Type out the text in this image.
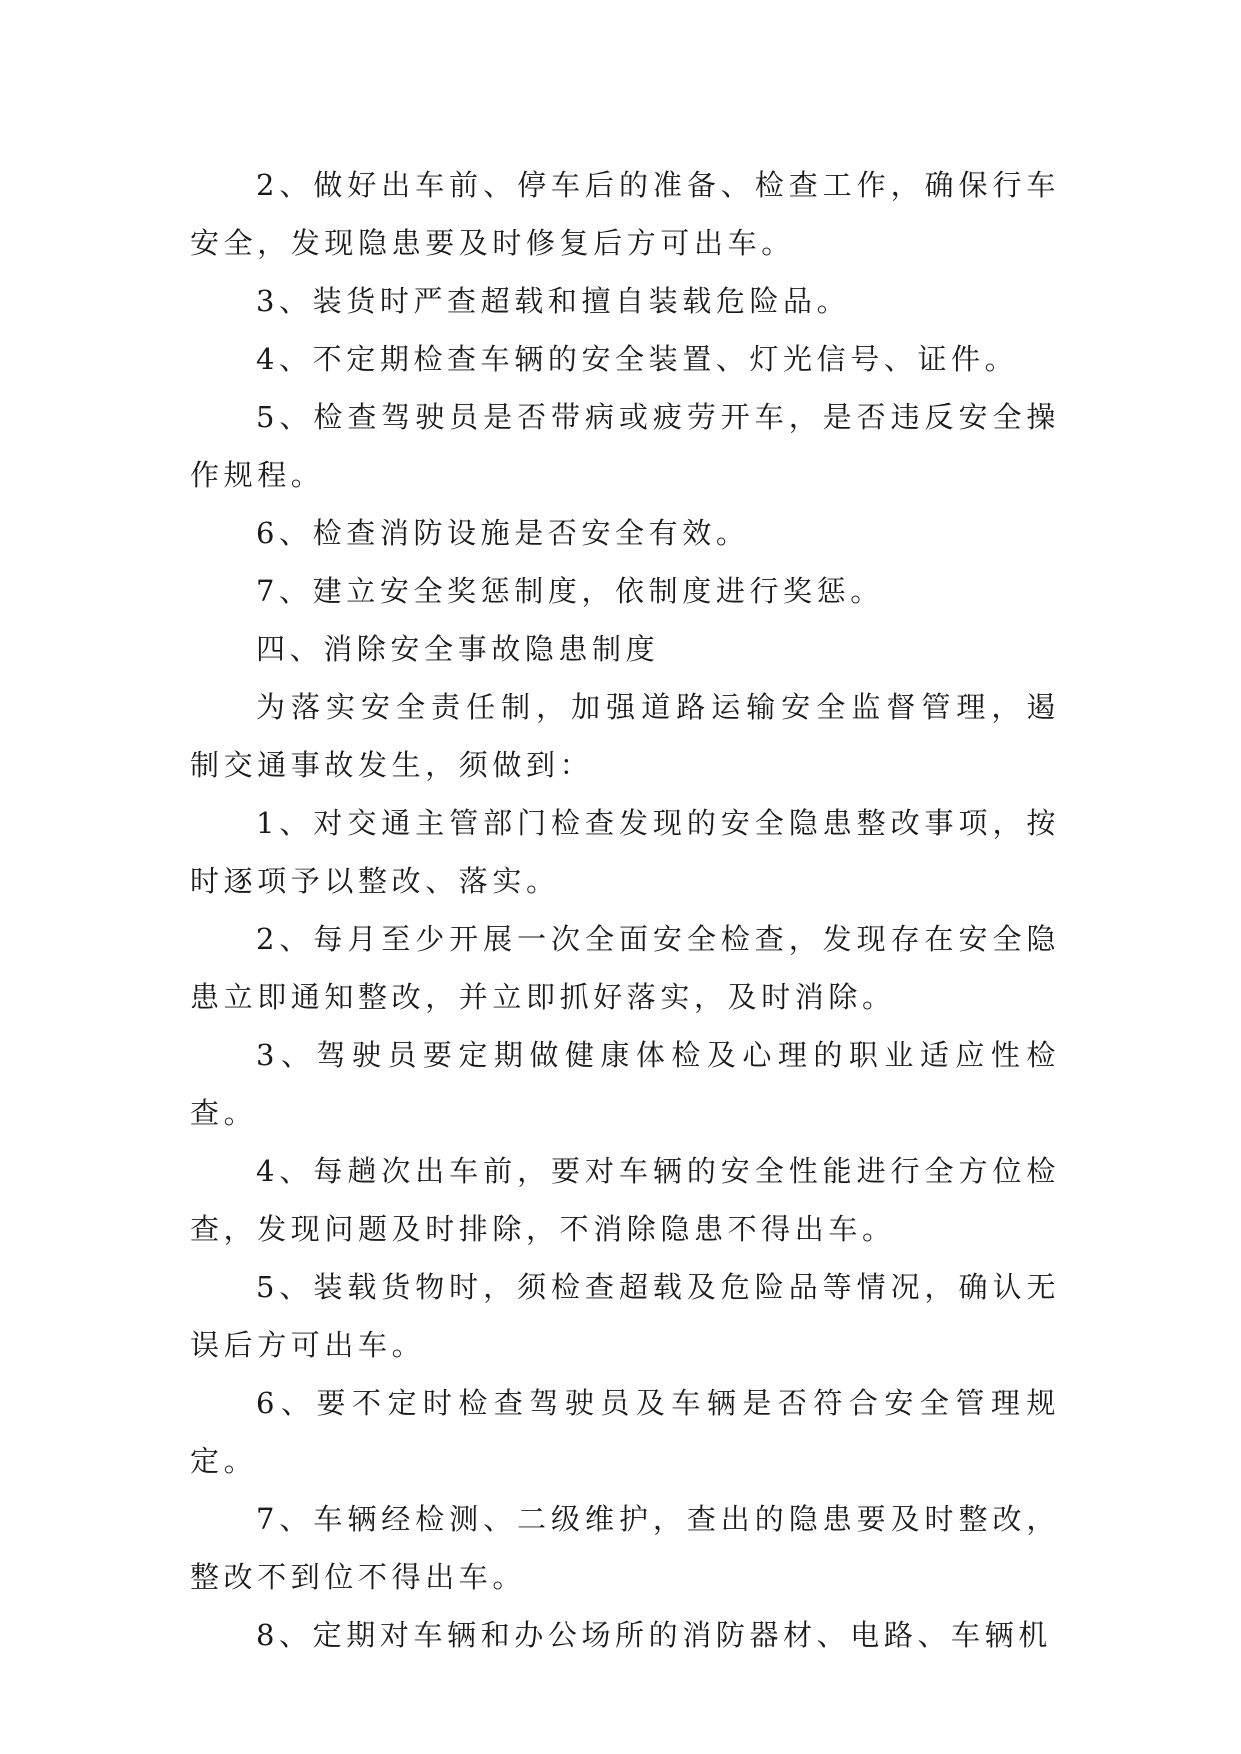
2、做好出车前、停车后的准备、检查工作，确保行车安全，发现隐患要及时修复后方可出车。

3、装货时严查超载和擅自装载危险品。

4、不定期检查车辆的安全装置、灯光信号、证件。

5、检查驾驶员是否带病或疲劳开车，是否违反安全操作规程。

6、检查消防设施是否安全有效。

7、建立安全奖惩制度，依制度进行奖惩。

四、消除安全事故隐患制度

为落实安全责任制，加强道路运输安全监督管理，遏制交通事故发生，须做到：

1、对交通主管部门检查发现的安全隐患整改事项，按时逐项予以整改、落实。

2、每月至少开展一次全面安全检查，发现存在安全隐患立即通知整改，并立即抓好落实，及时消除。

3、驾驶员要定期做健康体检及心理的职业适应性检查。

4、每趟次出车前，要对车辆的安全性能进行全方位检查，发现问题及时排除，不消除隐患不得出车。

5、装载货物时，须检查超载及危险品等情况，确认无误后方可出车。

6、要不定时检查驾驶员及车辆是否符合安全管理规定。

7、车辆经检测、二级维护，查出的隐患要及时整改，整改不到位不得出车。

8、定期对车辆和办公场所的消防器材、电路、车辆机
